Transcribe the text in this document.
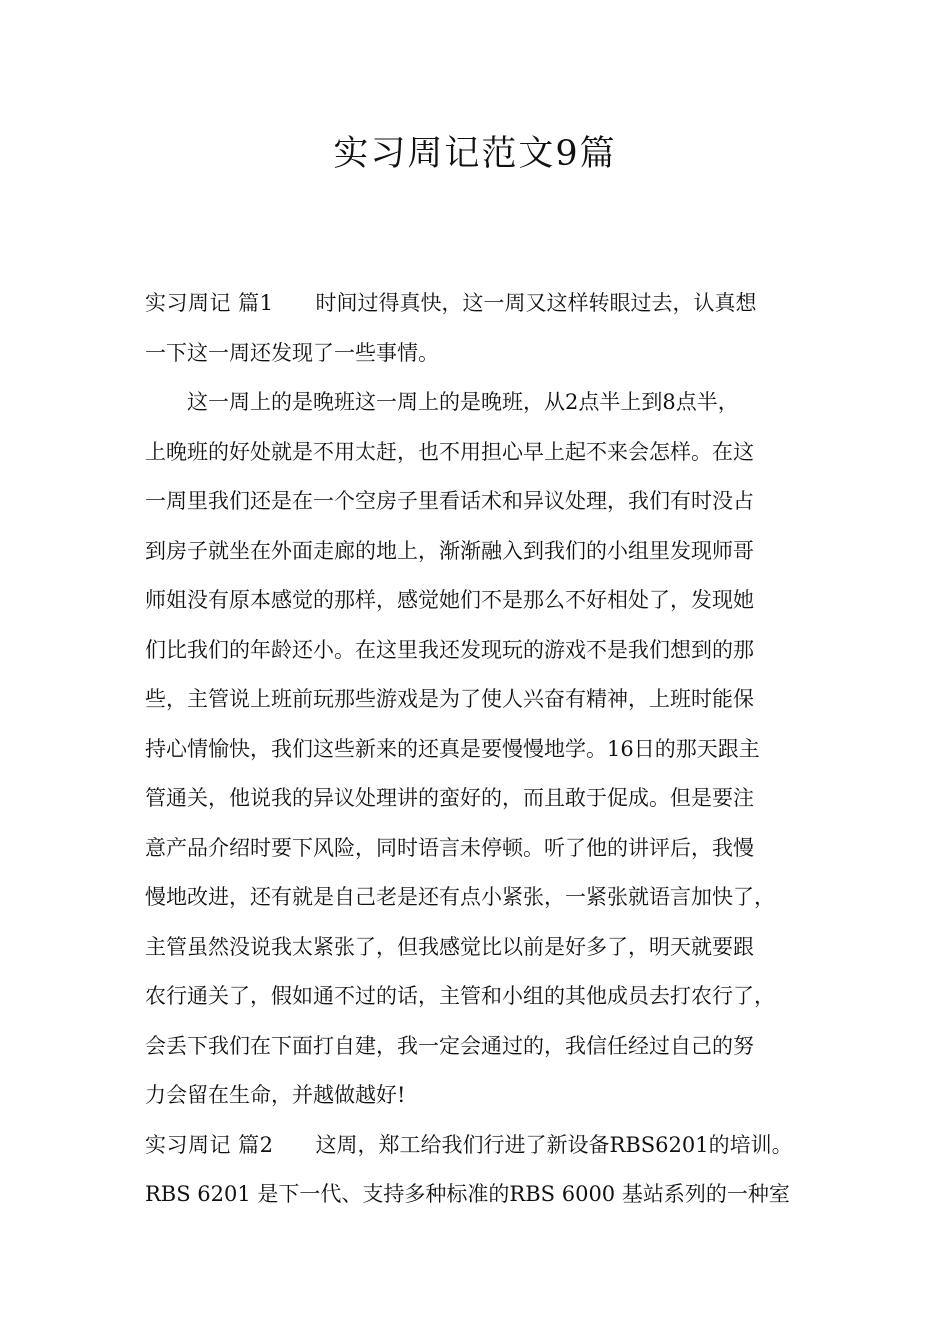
实习周记范文9篇
实习周记 篇1 时间过得真快，这一周又这样转眼过去，认真想
一下这一周还发现了一些事情。
这一周上的是晚班这一周上的是晚班，从2点半上到8点半，
上晚班的好处就是不用太赶，也不用担心早上起不来会怎样。在这
一周里我们还是在一个空房子里看话术和异议处理，我们有时没占
到房子就坐在外面走廊的地上，渐渐融入到我们的小组里发现师哥
师姐没有原本感觉的那样，感觉她们不是那么不好相处了，发现她
们比我们的年龄还小。在这里我还发现玩的游戏不是我们想到的那
些，主管说上班前玩那些游戏是为了使人兴奋有精神，上班时能保
持心情愉快，我们这些新来的还真是要慢慢地学。16日的那天跟主
管通关，他说我的异议处理讲的蛮好的，而且敢于促成。但是要注
意产品介绍时要下风险，同时语言未停顿。听了他的讲评后，我慢
慢地改进，还有就是自己老是还有点小紧张，一紧张就语言加快了，
主管虽然没说我太紧张了，但我感觉比以前是好多了，明天就要跟
农行通关了，假如通不过的话，主管和小组的其他成员去打农行了，
会丢下我们在下面打自建，我一定会通过的，我信任经过自己的努
力会留在生命，并越做越好!
实习周记 篇2 这周，郑工给我们行进了新设备RBS6201的培训。
RBS 6201 是下一代、支持多种标准的RBS 6000 基站系列的一种室
